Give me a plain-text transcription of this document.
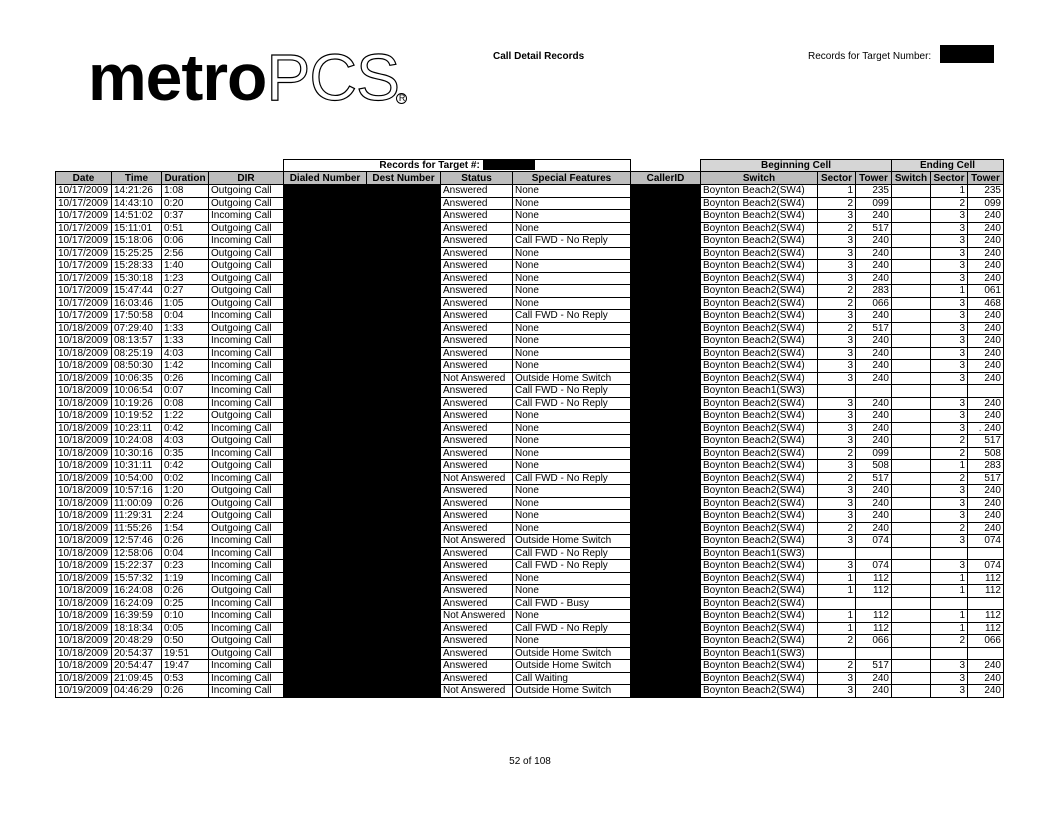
metroPCS R
Call Detail Records	Records for Target Number:
				Records for Target #:					Beginning Cell			Ending Cell		
Date	Time	Duration	DIR	Dialed Number	Dest Number	Status	Special Features	CallerID	Switch	Sector	Tower	Switch	Sector	Tower
10/17/2009	14:21:26	1:08	Outgoing Call			Answered	None		Boynton Beach2(SW4)	1	235		1	235
10/17/2009	14:43:10	0:20	Outgoing Call			Answered	None		Boynton Beach2(SW4)	2	099		2	099
10/17/2009	14:51:02	0:37	Incoming Call			Answered	None		Boynton Beach2(SW4)	3	240		3	240
10/17/2009	15:11:01	0:51	Outgoing Call			Answered	None		Boynton Beach2(SW4)	2	517		3	240
10/17/2009	15:18:06	0:06	Incoming Call			Answered	Call FWD - No Reply		Boynton Beach2(SW4)	3	240		3	240
10/17/2009	15:25:25	2:56	Outgoing Call			Answered	None		Boynton Beach2(SW4)	3	240		3	240
10/17/2009	15:28:33	1:40	Outgoing Call			Answered	None		Boynton Beach2(SW4)	3	240		3	240
10/17/2009	15:30:18	1:23	Outgoing Call			Answered	None		Boynton Beach2(SW4)	3	240		3	240
10/17/2009	15:47:44	0:27	Outgoing Call			Answered	None		Boynton Beach2(SW4)	2	283		1	061
10/17/2009	16:03:46	1:05	Outgoing Call			Answered	None		Boynton Beach2(SW4)	2	066		3	468
10/17/2009	17:50:58	0:04	Incoming Call			Answered	Call FWD - No Reply		Boynton Beach2(SW4)	3	240		3	240
10/18/2009	07:29:40	1:33	Outgoing Call			Answered	None		Boynton Beach2(SW4)	2	517		3	240
10/18/2009	08:13:57	1:33	Incoming Call			Answered	None		Boynton Beach2(SW4)	3	240		3	240
10/18/2009	08:25:19	4:03	Incoming Call			Answered	None		Boynton Beach2(SW4)	3	240		3	240
10/18/2009	08:50:30	1:42	Incoming Call			Answered	None		Boynton Beach2(SW4)	3	240		3	240
10/18/2009	10:06:35	0:26	Incoming Call			Not Answered	Outside Home Switch		Boynton Beach2(SW4)	3	240		3	240
10/18/2009	10:06:54	0:07	Incoming Call			Answered	Call FWD - No Reply		Boynton Beach1(SW3)					
10/18/2009	10:19:26	0:08	Incoming Call			Answered	Call FWD - No Reply		Boynton Beach2(SW4)	3	240		3	240
10/18/2009	10:19:52	1:22	Outgoing Call			Answered	None		Boynton Beach2(SW4)	3	240		3	240
10/18/2009	10:23:11	0:42	Incoming Call			Answered	None		Boynton Beach2(SW4)	3	240		3	. 240
10/18/2009	10:24:08	4:03	Outgoing Call			Answered	None		Boynton Beach2(SW4)	3	240		2	517
10/18/2009	10:30:16	0:35	Incoming Call			Answered	None		Boynton Beach2(SW4)	2	099		2	508
10/18/2009	10:31:11	0:42	Outgoing Call			Answered	None		Boynton Beach2(SW4)	3	508		1	283
10/18/2009	10:54:00	0:02	Incoming Call			Not Answered	Call FWD - No Reply		Boynton Beach2(SW4)	2	517		2	517
10/18/2009	10:57:16	1:20	Outgoing Call			Answered	None		Boynton Beach2(SW4)	3	240		3	240
10/18/2009	11:00:09	0:26	Outgoing Call			Answered	None		Boynton Beach2(SW4)	3	240		3	240
10/18/2009	11:29:31	2:24	Outgoing Call			Answered	None		Boynton Beach2(SW4)	3	240		3	240
10/18/2009	11:55:26	1:54	Outgoing Call			Answered	None		Boynton Beach2(SW4)	2	240		2	240
10/18/2009	12:57:46	0:26	Incoming Call			Not Answered	Outside Home Switch		Boynton Beach2(SW4)	3	074		3	074
10/18/2009	12:58:06	0:04	Incoming Call			Answered	Call FWD - No Reply		Boynton Beach1(SW3)					
10/18/2009	15:22:37	0:23	Incoming Call			Answered	Call FWD - No Reply		Boynton Beach2(SW4)	3	074		3	074
10/18/2009	15:57:32	1:19	Incoming Call			Answered	None		Boynton Beach2(SW4)	1	112		1	112
10/18/2009	16:24:08	0:26	Outgoing Call			Answered	None		Boynton Beach2(SW4)	1	112		1	112
10/18/2009	16:24:09	0:25	Incoming Call			Answered	Call FWD - Busy		Boynton Beach2(SW4)					
10/18/2009	16:39:59	0:10	Incoming Call			Not Answered	None		Boynton Beach2(SW4)	1	112		1	112
10/18/2009	18:18:34	0:05	Incoming Call			Answered	Call FWD - No Reply		Boynton Beach2(SW4)	1	112		1	112
10/18/2009	20:48:29	0:50	Outgoing Call			Answered	None		Boynton Beach2(SW4)	2	066		2	066
10/18/2009	20:54:37	19:51	Outgoing Call			Answered	Outside Home Switch		Boynton Beach1(SW3)					
10/18/2009	20:54:47	19:47	Incoming Call			Answered	Outside Home Switch		Boynton Beach2(SW4)	2	517		3	240
10/18/2009	21:09:45	0:53	Incoming Call			Answered	Call Waiting		Boynton Beach2(SW4)	3	240		3	240
10/19/2009	04:46:29	0:26	Incoming Call			Not Answered	Outside Home Switch		Boynton Beach2(SW4)	3	240		3	240
52 of 108
